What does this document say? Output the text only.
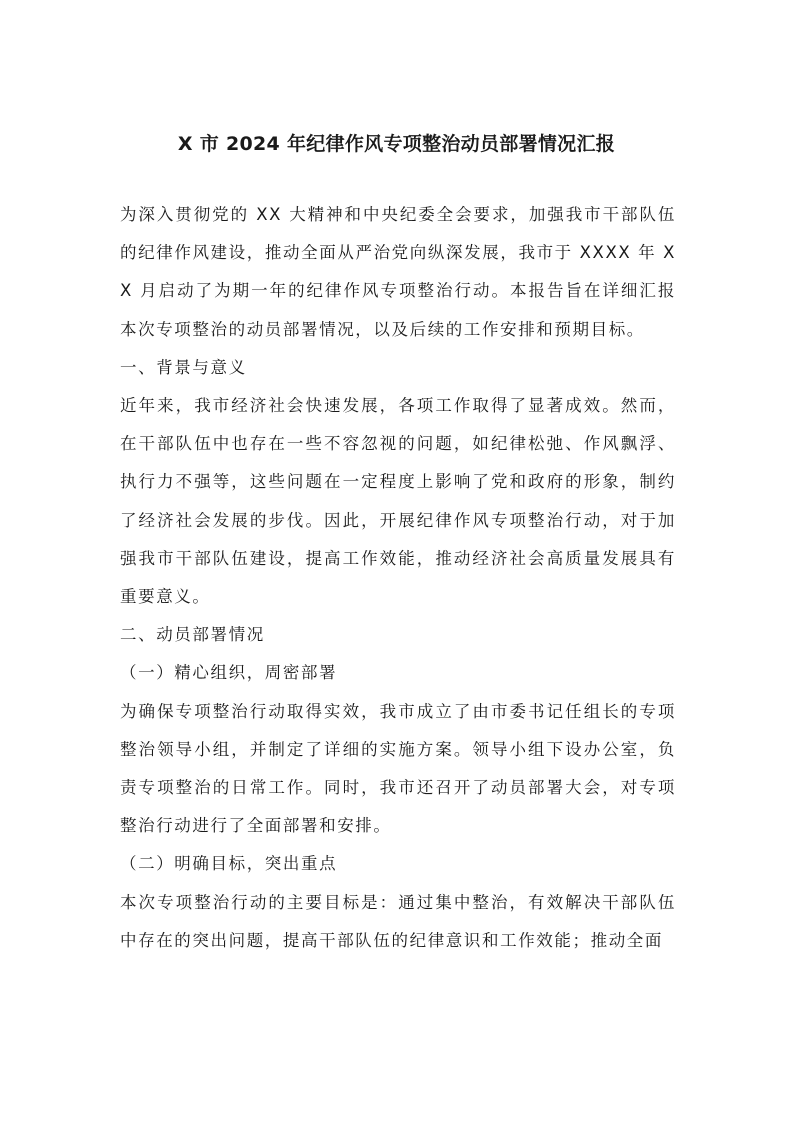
X 市 2024 年纪律作风专项整治动员部署情况汇报

为深入贯彻党的 XX 大精神和中央纪委全会要求，加强我市干部队伍的纪律作风建设，推动全面从严治党向纵深发展，我市于 XXXX 年 XX 月启动了为期一年的纪律作风专项整治行动。本报告旨在详细汇报本次专项整治的动员部署情况，以及后续的工作安排和预期目标。

一、背景与意义

近年来，我市经济社会快速发展，各项工作取得了显著成效。然而，在干部队伍中也存在一些不容忽视的问题，如纪律松弛、作风飘浮、执行力不强等，这些问题在一定程度上影响了党和政府的形象，制约了经济社会发展的步伐。因此，开展纪律作风专项整治行动，对于加强我市干部队伍建设，提高工作效能，推动经济社会高质量发展具有重要意义。

二、动员部署情况

（一）精心组织，周密部署

为确保专项整治行动取得实效，我市成立了由市委书记任组长的专项整治领导小组，并制定了详细的实施方案。领导小组下设办公室，负责专项整治的日常工作。同时，我市还召开了动员部署大会，对专项整治行动进行了全面部署和安排。

（二）明确目标，突出重点

本次专项整治行动的主要目标是：通过集中整治，有效解决干部队伍中存在的突出问题，提高干部队伍的纪律意识和工作效能；推动全面
